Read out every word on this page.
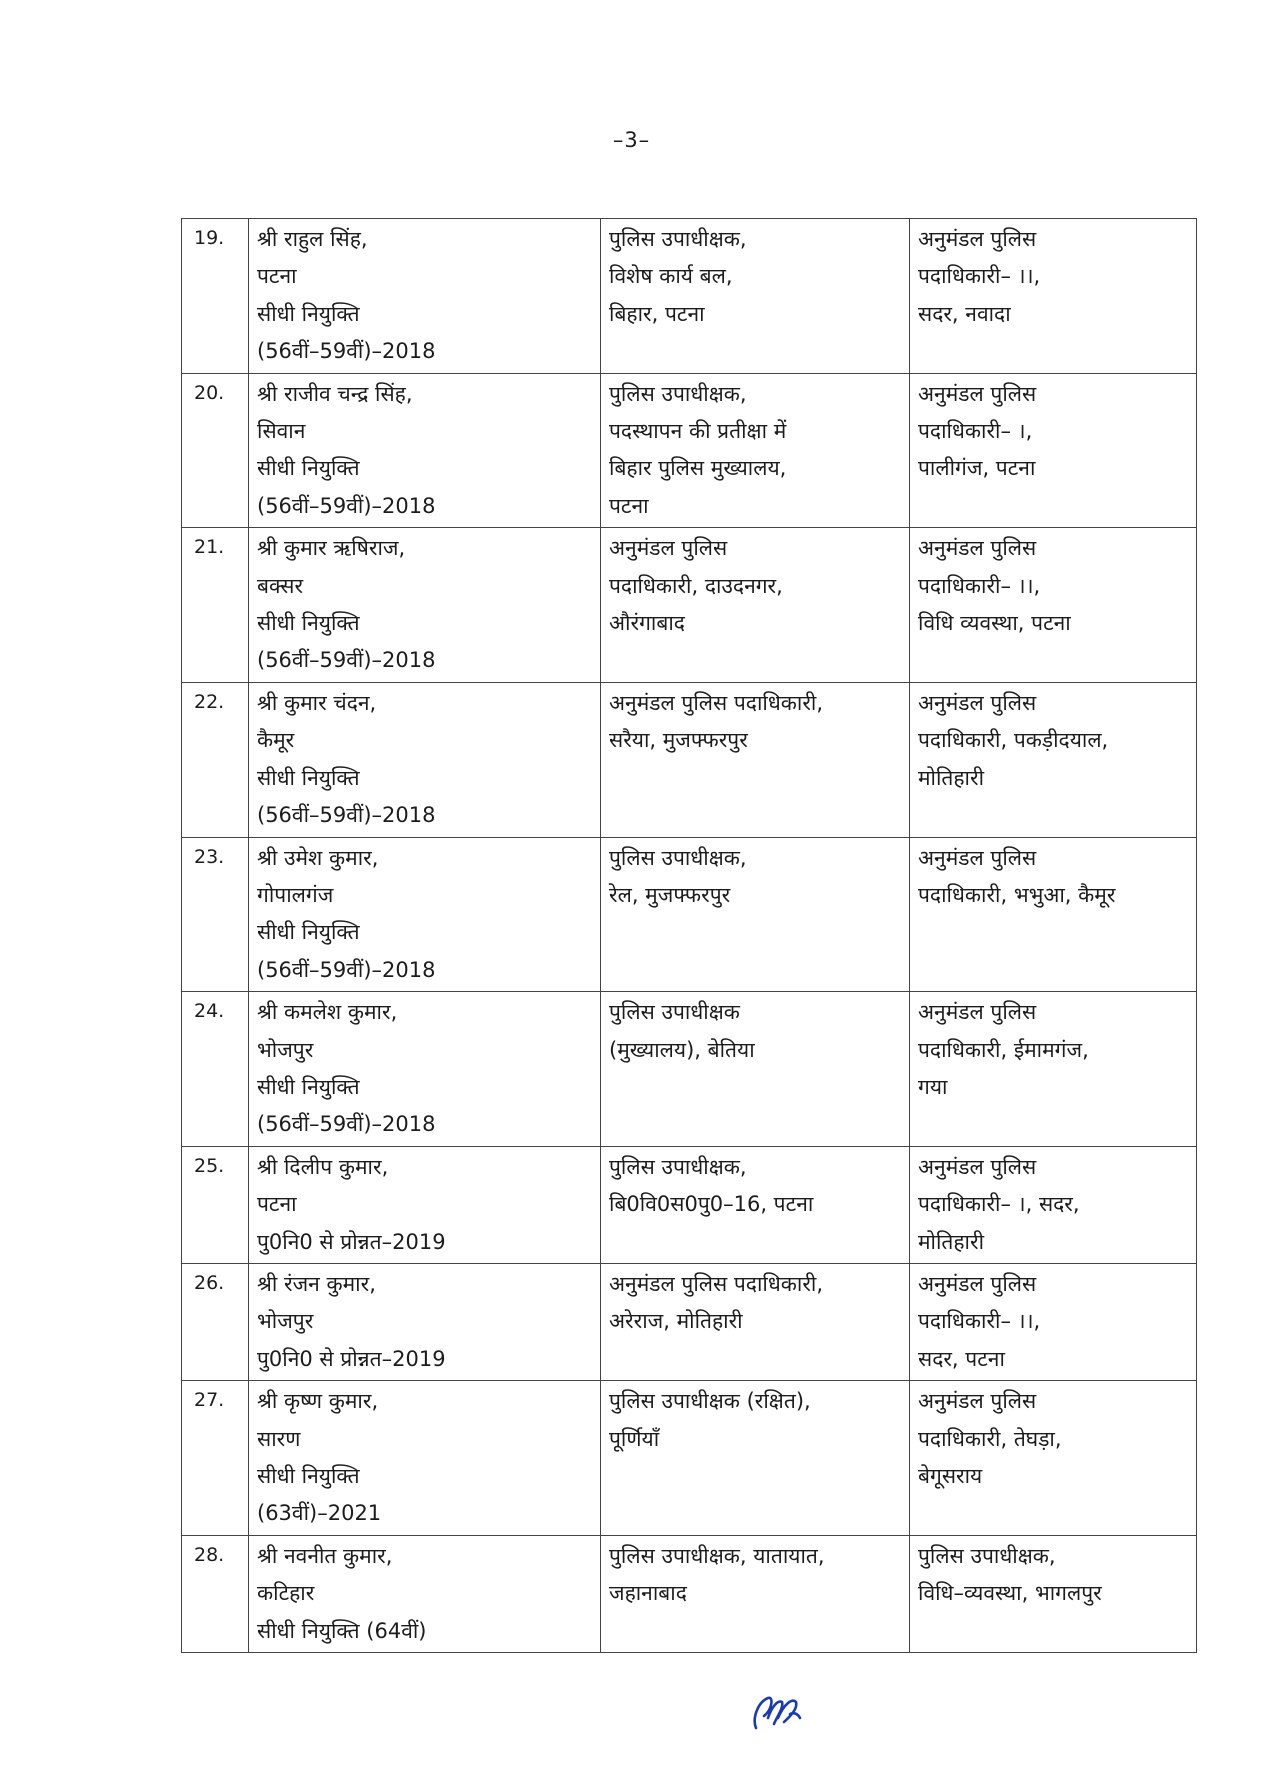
–3–
19.	श्री राहुल सिंह,
पटना
सीधी नियुक्ति
(56वीं–59वीं)–2018	पुलिस उपाधीक्षक,
विशेष कार्य बल,
बिहार, पटना	अनुमंडल पुलिस
पदाधिकारी– ।।,
सदर, नवादा

20.	श्री राजीव चन्द्र सिंह,
सिवान
सीधी नियुक्ति
(56वीं–59वीं)–2018	पुलिस उपाधीक्षक,
पदस्थापन की प्रतीक्षा में
बिहार पुलिस मुख्यालय,
पटना	अनुमंडल पुलिस
पदाधिकारी– ।,
पालीगंज, पटना

21.	श्री कुमार ऋषिराज,
बक्सर
सीधी नियुक्ति
(56वीं–59वीं)–2018	अनुमंडल पुलिस
पदाधिकारी, दाउदनगर,
औरंगाबाद	अनुमंडल पुलिस
पदाधिकारी– ।।,
विधि व्यवस्था, पटना

22.	श्री कुमार चंदन,
कैमूर
सीधी नियुक्ति
(56वीं–59वीं)–2018	अनुमंडल पुलिस पदाधिकारी,
सरैया, मुजफ्फरपुर	अनुमंडल पुलिस
पदाधिकारी, पकड़ीदयाल,
मोतिहारी

23.	श्री उमेश कुमार,
गोपालगंज
सीधी नियुक्ति
(56वीं–59वीं)–2018	पुलिस उपाधीक्षक,
रेल, मुजफ्फरपुर	अनुमंडल पुलिस
पदाधिकारी, भभुआ, कैमूर

24.	श्री कमलेश कुमार,
भोजपुर
सीधी नियुक्ति
(56वीं–59वीं)–2018	पुलिस उपाधीक्षक
(मुख्यालय), बेतिया	अनुमंडल पुलिस
पदाधिकारी, ईमामगंज,
गया

25.	श्री दिलीप कुमार,
पटना
पु0नि0 से प्रोन्नत–2019	पुलिस उपाधीक्षक,
बि0वि0स0पु0–16, पटना	अनुमंडल पुलिस
पदाधिकारी– ।, सदर,
मोतिहारी

26.	श्री रंजन कुमार,
भोजपुर
पु0नि0 से प्रोन्नत–2019	अनुमंडल पुलिस पदाधिकारी,
अरेराज, मोतिहारी	अनुमंडल पुलिस
पदाधिकारी– ।।,
सदर, पटना

27.	श्री कृष्ण कुमार,
सारण
सीधी नियुक्ति
(63वीं)–2021	पुलिस उपाधीक्षक (रक्षित),
पूर्णियाँ	अनुमंडल पुलिस
पदाधिकारी, तेघड़ा,
बेगूसराय

28.	श्री नवनीत कुमार,
कटिहार
सीधी नियुक्ति (64वीं)	पुलिस उपाधीक्षक, यातायात,
जहानाबाद	पुलिस उपाधीक्षक,
विधि–व्यवस्था, भागलपुर
